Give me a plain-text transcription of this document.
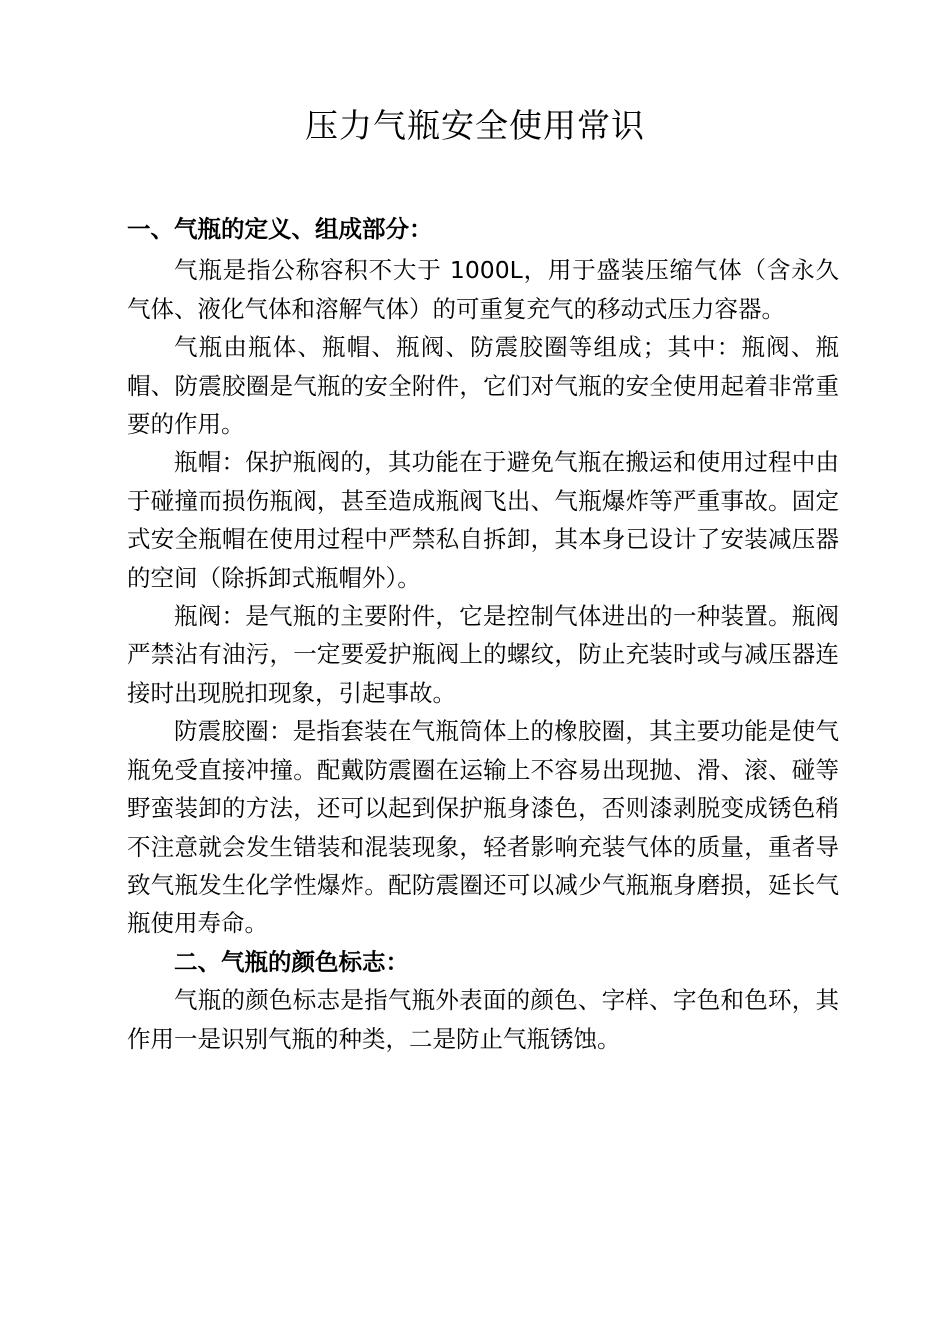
压力气瓶安全使用常识

一、气瓶的定义、组成部分：

气瓶是指公称容积不大于 1000L，用于盛装压缩气体（含永久气体、液化气体和溶解气体）的可重复充气的移动式压力容器。

气瓶由瓶体、瓶帽、瓶阀、防震胶圈等组成；其中：瓶阀、瓶帽、防震胶圈是气瓶的安全附件，它们对气瓶的安全使用起着非常重要的作用。

瓶帽：保护瓶阀的，其功能在于避免气瓶在搬运和使用过程中由于碰撞而损伤瓶阀，甚至造成瓶阀飞出、气瓶爆炸等严重事故。固定式安全瓶帽在使用过程中严禁私自拆卸，其本身已设计了安装减压器的空间（除拆卸式瓶帽外）。

瓶阀：是气瓶的主要附件，它是控制气体进出的一种装置。瓶阀严禁沾有油污，一定要爱护瓶阀上的螺纹，防止充装时或与减压器连接时出现脱扣现象，引起事故。

防震胶圈：是指套装在气瓶筒体上的橡胶圈，其主要功能是使气瓶免受直接冲撞。配戴防震圈在运输上不容易出现抛、滑、滚、碰等野蛮装卸的方法，还可以起到保护瓶身漆色，否则漆剥脱变成锈色稍不注意就会发生错装和混装现象，轻者影响充装气体的质量，重者导致气瓶发生化学性爆炸。配防震圈还可以减少气瓶瓶身磨损，延长气瓶使用寿命。

二、气瓶的颜色标志：

气瓶的颜色标志是指气瓶外表面的颜色、字样、字色和色环，其作用一是识别气瓶的种类，二是防止气瓶锈蚀。
